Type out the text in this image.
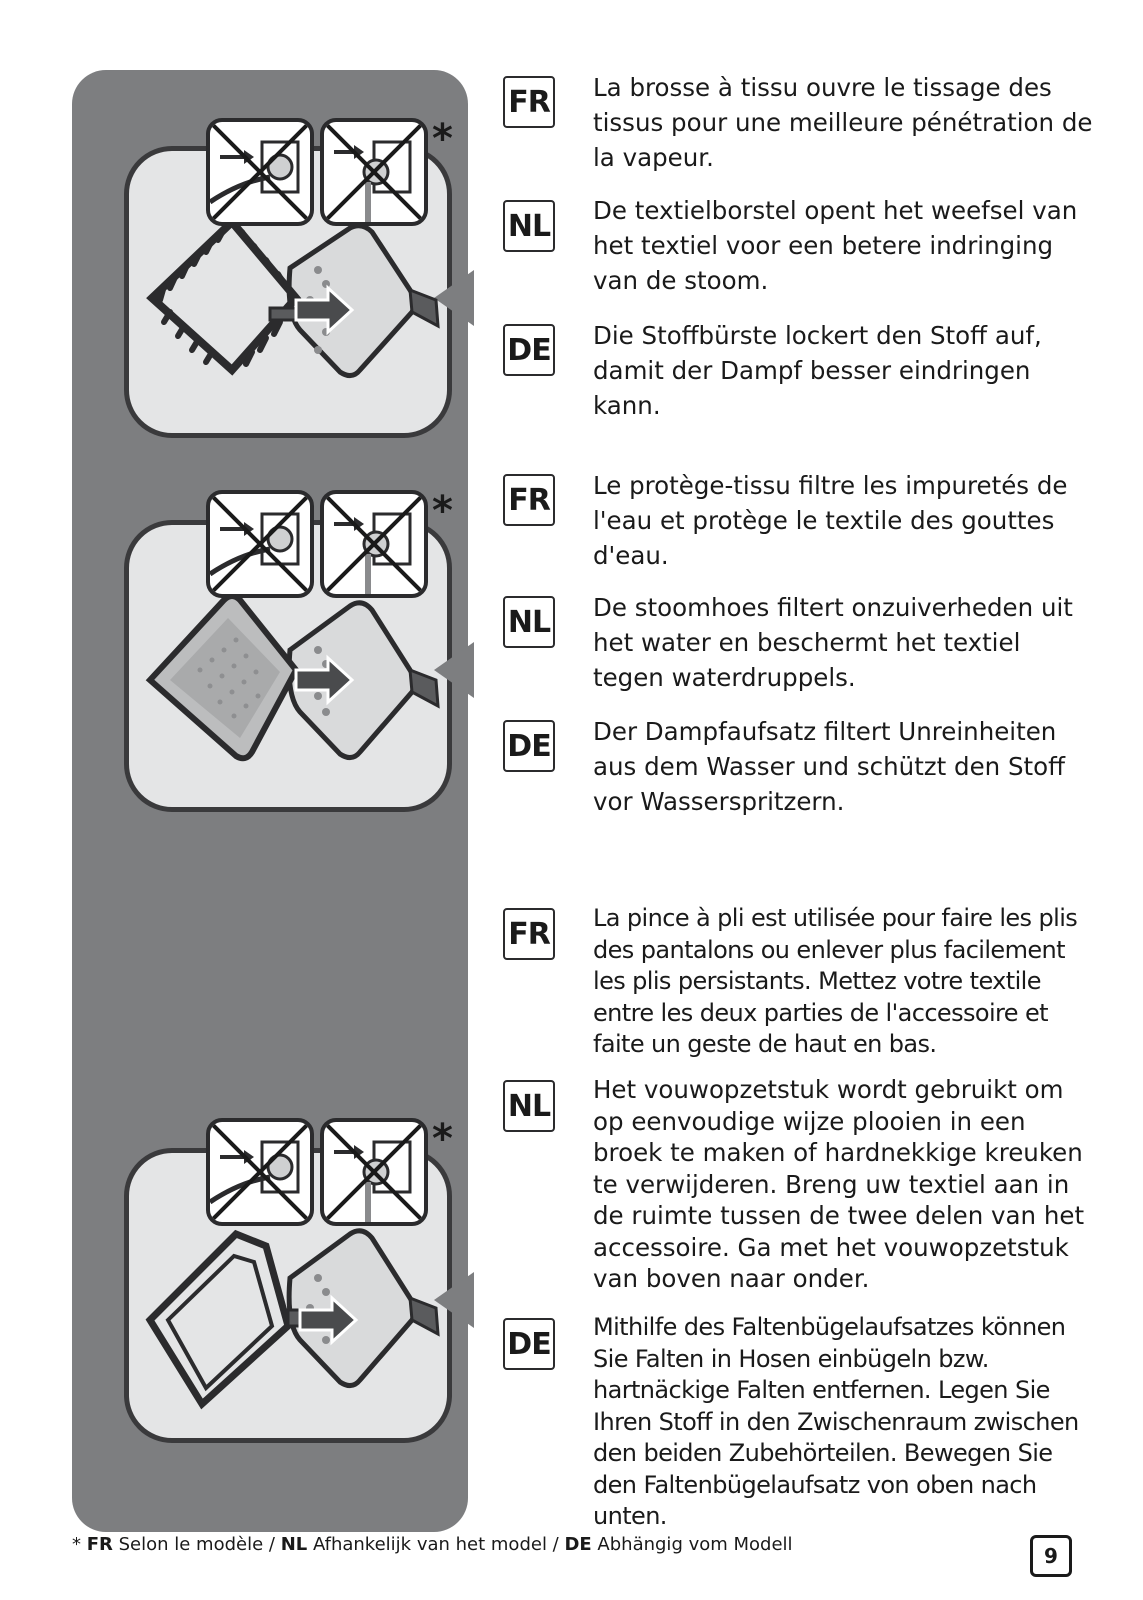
*
FR La brosse à tissu ouvre le tissage des tissus pour une meilleure pénétration de la vapeur.
NL De textielborstel opent het weefsel van het textiel voor een betere indringing van de stoom.
DE Die Stoffbürste lockert den Stoff auf, damit der Dampf besser eindringen kann.
* FR Le protège-tissu filtre les impuretés de l'eau et protège le textile des gouttes d'eau.
NL De stoomhoes filtert onzuiverheden uit het water en beschermt het textiel tegen waterdruppels.
DE Der Dampfaufsatz filtert Unreinheiten aus dem Wasser und schützt den Stoff vor Wasserspritzern.
*
FR La pince à pli est utilisée pour faire les plis des pantalons ou enlever plus facilement les plis persistants. Mettez votre textile entre les deux parties de l'accessoire et faite un geste de haut en bas.
NL Het vouwopzetstuk wordt gebruikt om op eenvoudige wijze plooien in een broek te maken of hardnekkige kreuken te verwijderen. Breng uw textiel aan in de ruimte tussen de twee delen van het accessoire. Ga met het vouwopzetstuk van boven naar onder.
DE Mithilfe des Faltenbügelaufsatzes können Sie Falten in Hosen einbügeln bzw. hartnäckige Falten entfernen. Legen Sie Ihren Stoff in den Zwischenraum zwischen den beiden Zubehörteilen. Bewegen Sie den Faltenbügelaufsatz von oben nach unten.
* FR Selon le modèle / NL Afhankelijk van het model / DE Abhängig vom Modell	9
